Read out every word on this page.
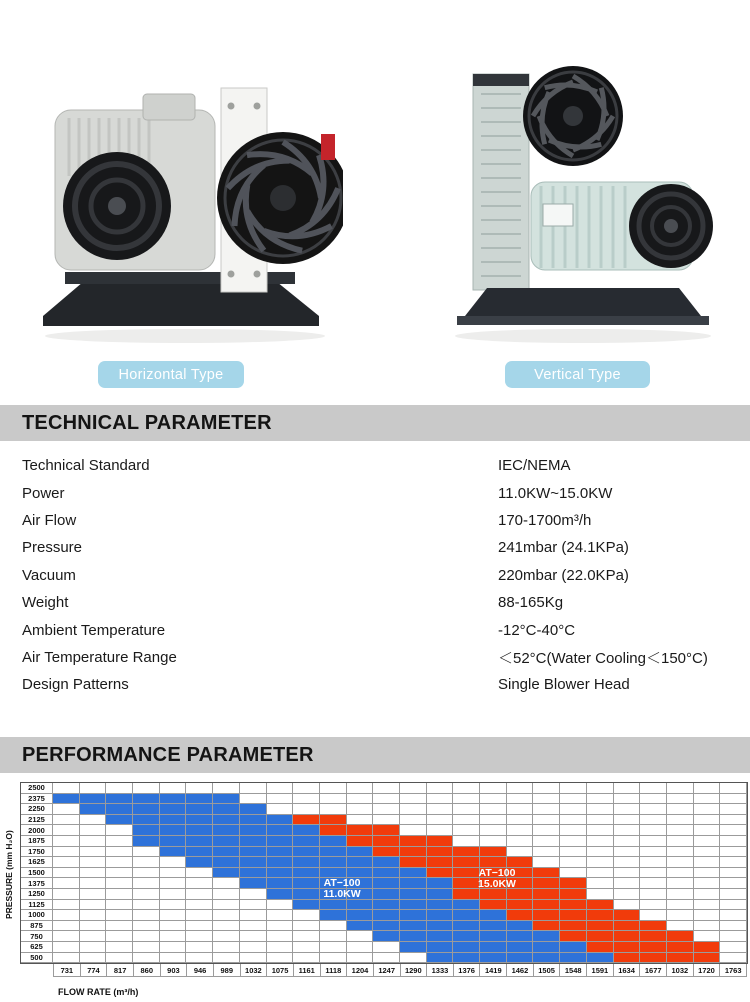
Horizontal Type	Vertical Type
TECHNICAL PARAMETER
Technical Standard	IEC/NEMA
Power	11.0KW~15.0KW
Air Flow	170-1700m³/h
Pressure	241mbar (24.1KPa)
Vacuum	220mbar (22.0KPa)
Weight	88-165Kg
Ambient Temperature	-12°C-40°C
Air Temperature Range	＜52°C(Water Cooling＜150°C)
Design Patterns	Single Blower Head
PERFORMANCE PARAMETER
PRESSURE (mm H₂O)	AT−100
11.0KW
AT−100
15.0KW
2500
2375
2250
2125
2000
1875
1750
1625
1500
1375
1250
1125
1000
875
750
625
500
731	774	817	860	903	946	989	1032	1075	1161	1118	1204	1247	1290	1333	1376	1419	1462	1505	1548	1591	1634	1677	1032	1720	1763
FLOW RATE (m³/h)
